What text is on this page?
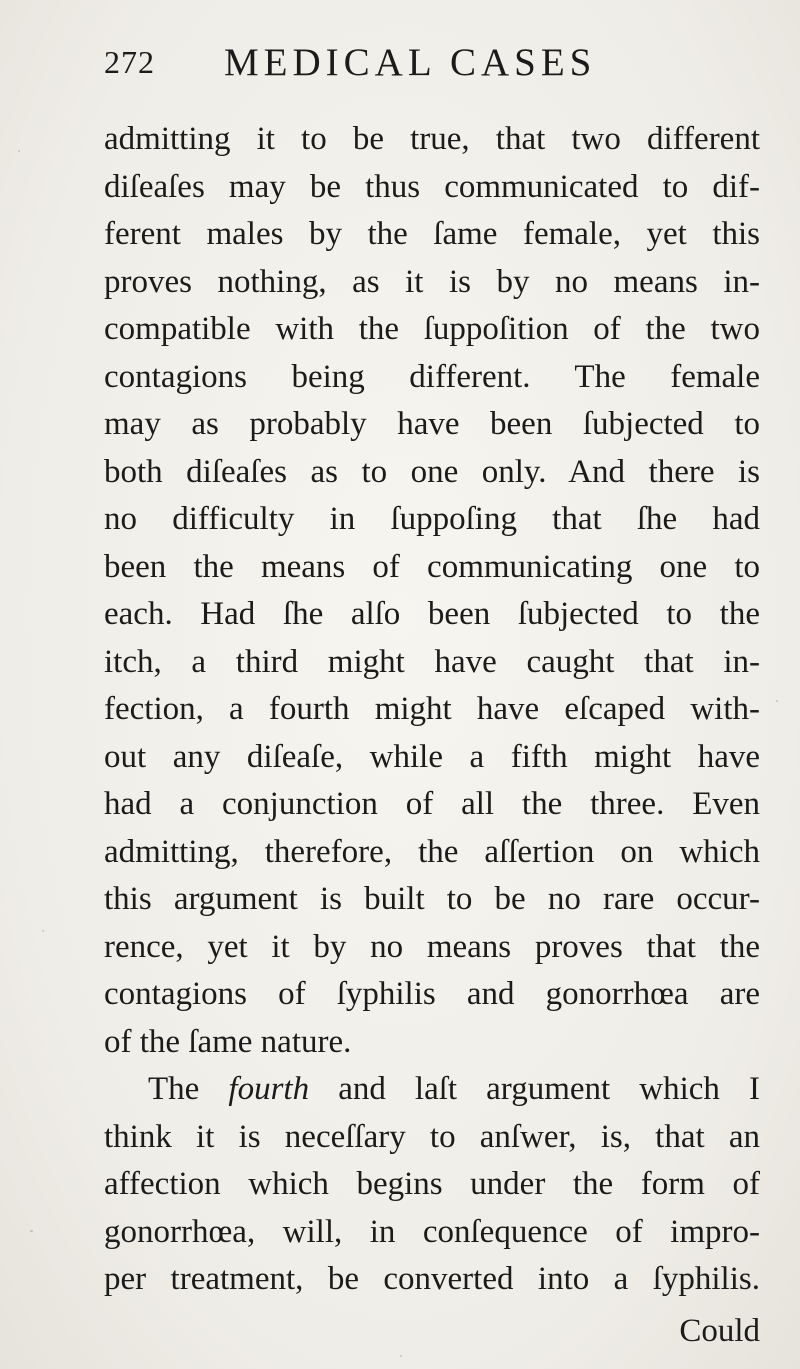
272 MEDICAL CASES
admitting it to be true, that two different
diſeaſes may be thus communicated to dif-
ferent males by the ſame female, yet this
proves nothing, as it is by no means in-
compatible with the ſuppoſition of the two
contagions being different. The female
may as probably have been ſubjected to
both diſeaſes as to one only. And there is
no difficulty in ſuppoſing that ſhe had
been the means of communicating one to
each. Had ſhe alſo been ſubjected to the
itch, a third might have caught that in-
fection, a fourth might have eſcaped with-
out any diſeaſe, while a fifth might have
had a conjunction of all the three. Even
admitting, therefore, the aſſertion on which
this argument is built to be no rare occur-
rence, yet it by no means proves that the
contagions of ſyphilis and gonorrhœa are
of the ſame nature.
The fourth and laſt argument which I
think it is neceſſary to anſwer, is, that an
affection which begins under the form of
gonorrhœa, will, in conſequence of impro-
per treatment, be converted into a ſyphilis.
Could
